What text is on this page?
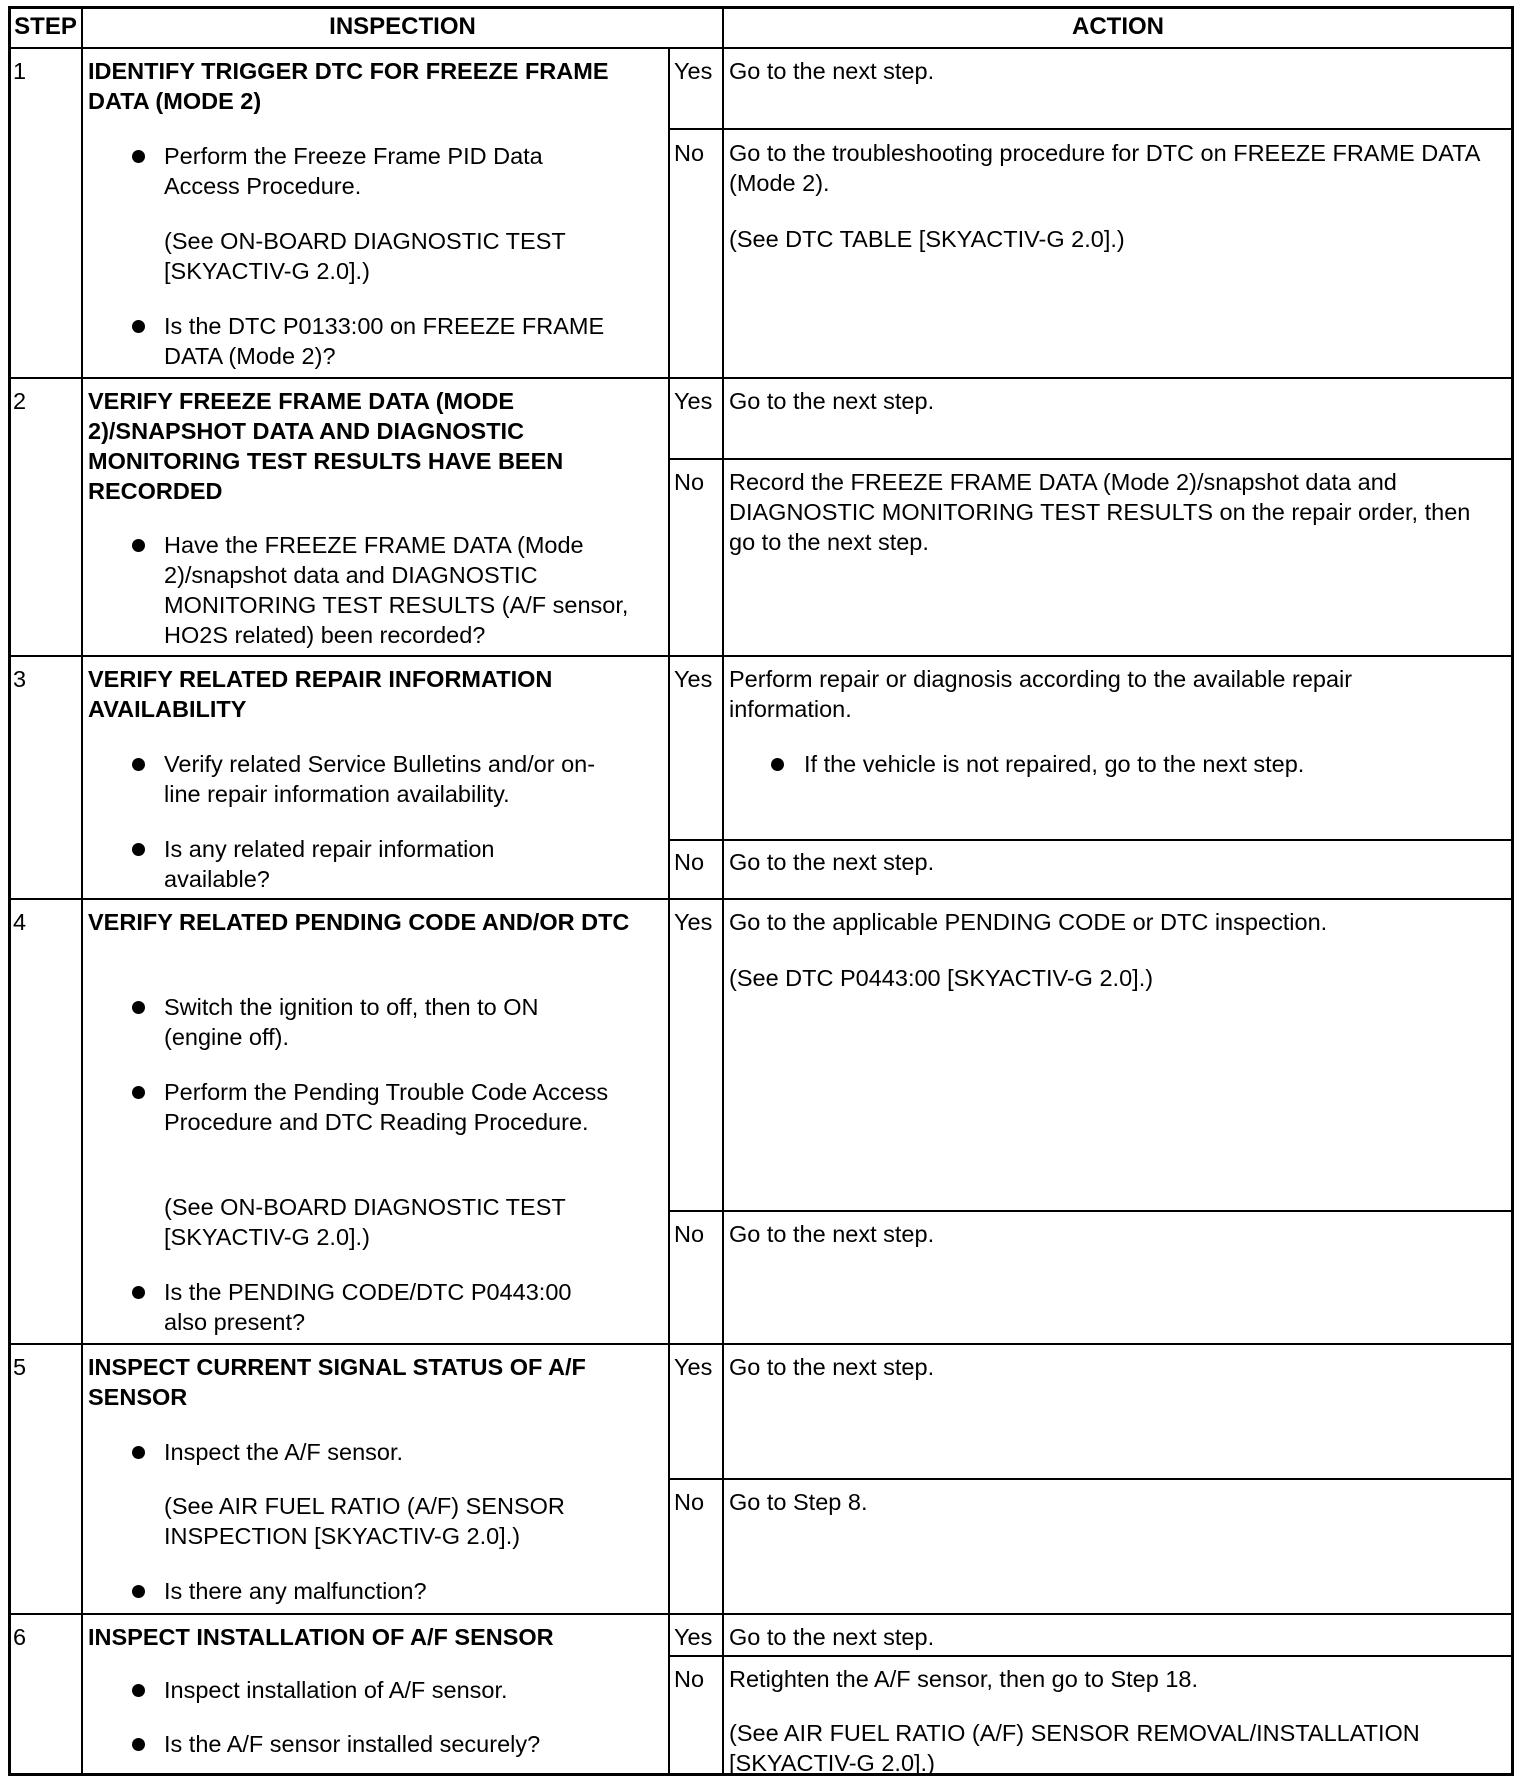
STEP	INSPECTION	ACTION
1	IDENTIFY TRIGGER DTC FOR FREEZE FRAME DATA (MODE 2)
Perform the Freeze Frame PID Data Access Procedure.
(See ON-BOARD DIAGNOSTIC TEST [SKYACTIV-G 2.0].)
Is the DTC P0133:00 on FREEZE FRAME DATA (Mode 2)?
Yes Go to the next step.
No Go to the troubleshooting procedure for DTC on FREEZE FRAME DATA (Mode 2).
(See DTC TABLE [SKYACTIV-G 2.0].)
2	VERIFY FREEZE FRAME DATA (MODE 2)/SNAPSHOT DATA AND DIAGNOSTIC MONITORING TEST RESULTS HAVE BEEN RECORDED
Have the FREEZE FRAME DATA (Mode 2)/snapshot data and DIAGNOSTIC MONITORING TEST RESULTS (A/F sensor, HO2S related) been recorded?
Yes Go to the next step.
No Record the FREEZE FRAME DATA (Mode 2)/snapshot data and DIAGNOSTIC MONITORING TEST RESULTS on the repair order, then go to the next step.
3	VERIFY RELATED REPAIR INFORMATION AVAILABILITY
Verify related Service Bulletins and/or on-line repair information availability.
Is any related repair information available?
Yes Perform repair or diagnosis according to the available repair information.
If the vehicle is not repaired, go to the next step.
No Go to the next step.
4	VERIFY RELATED PENDING CODE AND/OR DTC
Switch the ignition to off, then to ON (engine off).
Perform the Pending Trouble Code Access Procedure and DTC Reading Procedure.
(See ON-BOARD DIAGNOSTIC TEST [SKYACTIV-G 2.0].)
Is the PENDING CODE/DTC P0443:00 also present?
Yes Go to the applicable PENDING CODE or DTC inspection.
(See DTC P0443:00 [SKYACTIV-G 2.0].)
No Go to the next step.
5	INSPECT CURRENT SIGNAL STATUS OF A/F SENSOR
Inspect the A/F sensor.
(See AIR FUEL RATIO (A/F) SENSOR INSPECTION [SKYACTIV-G 2.0].)
Is there any malfunction?
Yes Go to the next step.
No Go to Step 8.
6	INSPECT INSTALLATION OF A/F SENSOR
Inspect installation of A/F sensor.
Is the A/F sensor installed securely?
Yes Go to the next step.
No Retighten the A/F sensor, then go to Step 18.
(See AIR FUEL RATIO (A/F) SENSOR REMOVAL/INSTALLATION [SKYACTIV-G 2.0].)
